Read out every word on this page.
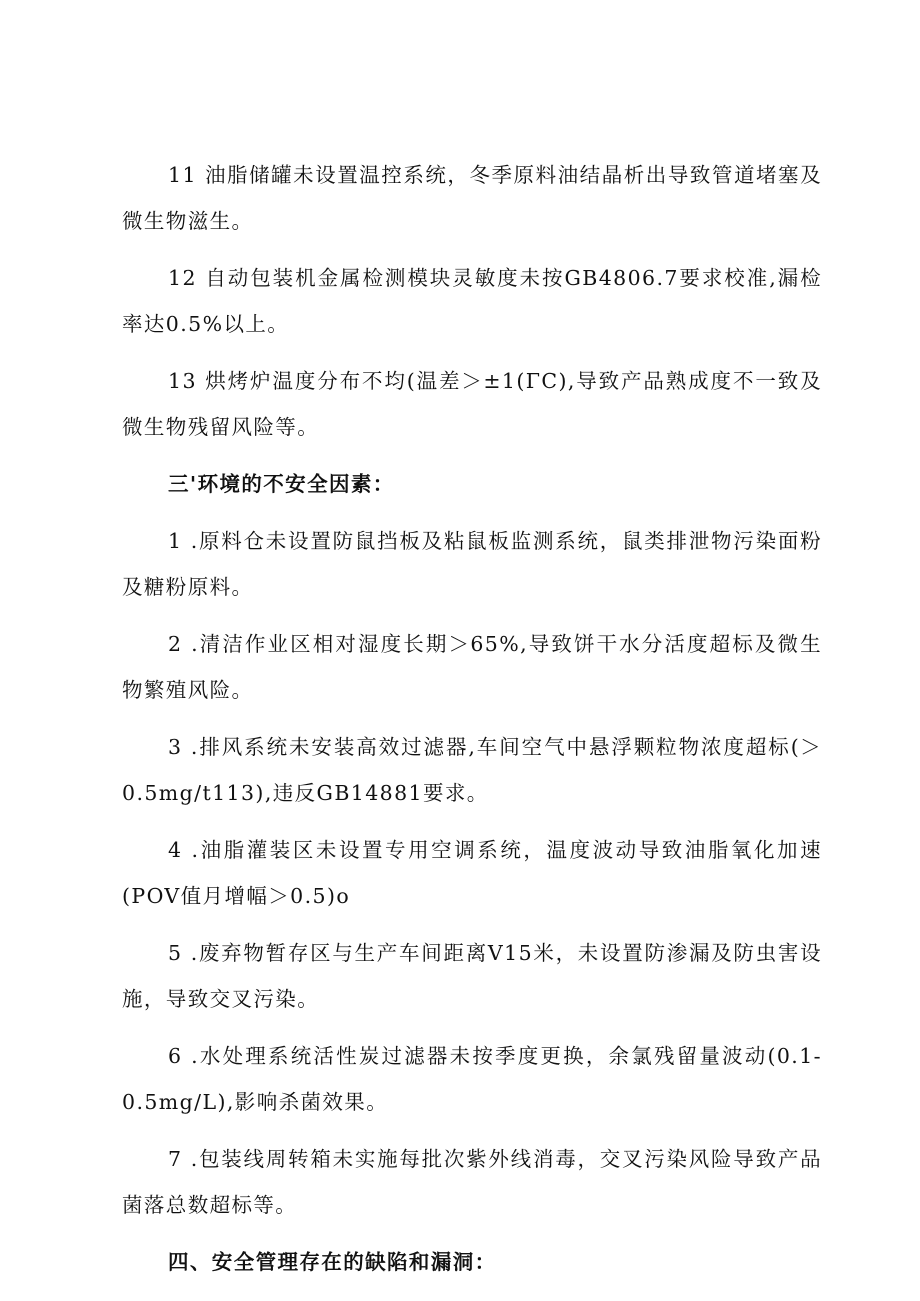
11 油脂储罐未设置温控系统，冬季原料油结晶析出导致管道堵塞及微生物滋生。

12 自动包装机金属检测模块灵敏度未按GB4806.7要求校准,漏检率达0.5%以上。

13 烘烤炉温度分布不均(温差＞±1(ΓC),导致产品熟成度不一致及微生物残留风险等。

三'环境的不安全因素：

1 .原料仓未设置防鼠挡板及粘鼠板监测系统，鼠类排泄物污染面粉及糖粉原料。

2 .清洁作业区相对湿度长期＞65%,导致饼干水分活度超标及微生物繁殖风险。

3 .排风系统未安装高效过滤器,车间空气中悬浮颗粒物浓度超标(＞0.5mg∕t113),违反GB14881要求。

4 .油脂灌装区未设置专用空调系统，温度波动导致油脂氧化加速(POV值月增幅＞0.5)o

5 .废弃物暂存区与生产车间距离V15米，未设置防渗漏及防虫害设施，导致交叉污染。

6 .水处理系统活性炭过滤器未按季度更换，余氯残留量波动(0.1-0.5mg∕L),影响杀菌效果。

7 .包装线周转箱未实施每批次紫外线消毒，交叉污染风险导致产品菌落总数超标等。

四、安全管理存在的缺陷和漏洞：
